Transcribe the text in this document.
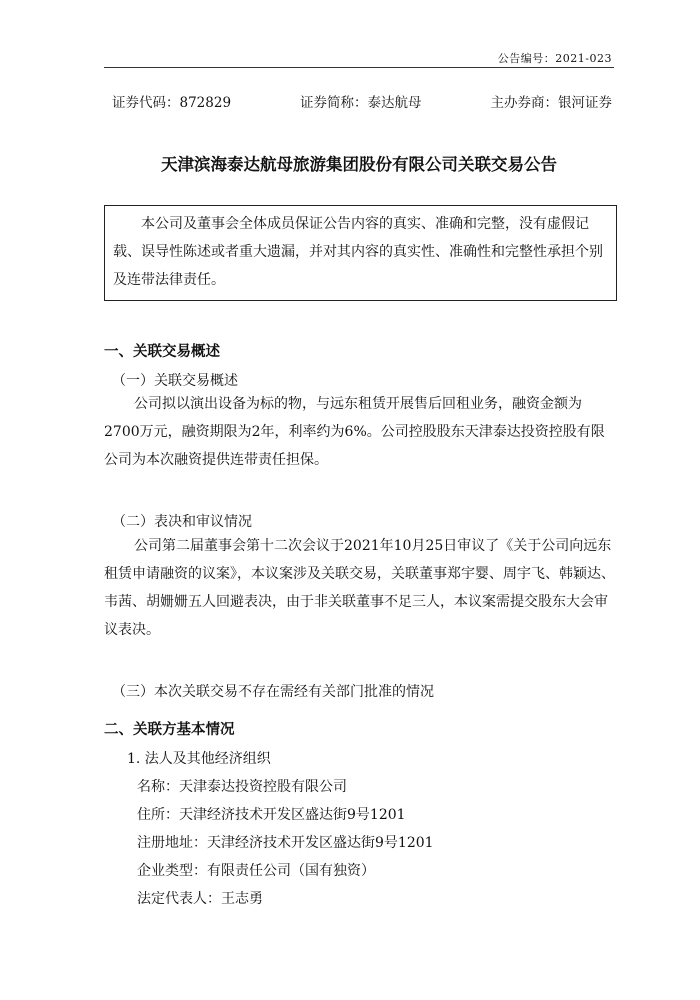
公告编号：2021-023
证券代码：872829	证券简称：泰达航母	主办券商：银河证券
天津滨海泰达航母旅游集团股份有限公司关联交易公告
本公司及董事会全体成员保证公告内容的真实、准确和完整，没有虚假记载、误导性陈述或者重大遗漏，并对其内容的真实性、准确性和完整性承担个别及连带法律责任。
一、关联交易概述
（一）关联交易概述
公司拟以演出设备为标的物，与远东租赁开展售后回租业务，融资金额为2700万元，融资期限为2年，利率约为6%。公司控股股东天津泰达投资控股有限公司为本次融资提供连带责任担保。
（二）表决和审议情况
公司第二届董事会第十二次会议于2021年10月25日审议了《关于公司向远东租赁申请融资的议案》，本议案涉及关联交易，关联董事郑宇婴、周宇飞、韩颖达、韦茜、胡姗姗五人回避表决，由于非关联董事不足三人，本议案需提交股东大会审议表决。
（三）本次关联交易不存在需经有关部门批准的情况
二、关联方基本情况
1. 法人及其他经济组织
名称：天津泰达投资控股有限公司
住所：天津经济技术开发区盛达街9号1201
注册地址：天津经济技术开发区盛达街9号1201
企业类型：有限责任公司（国有独资）
法定代表人：王志勇
